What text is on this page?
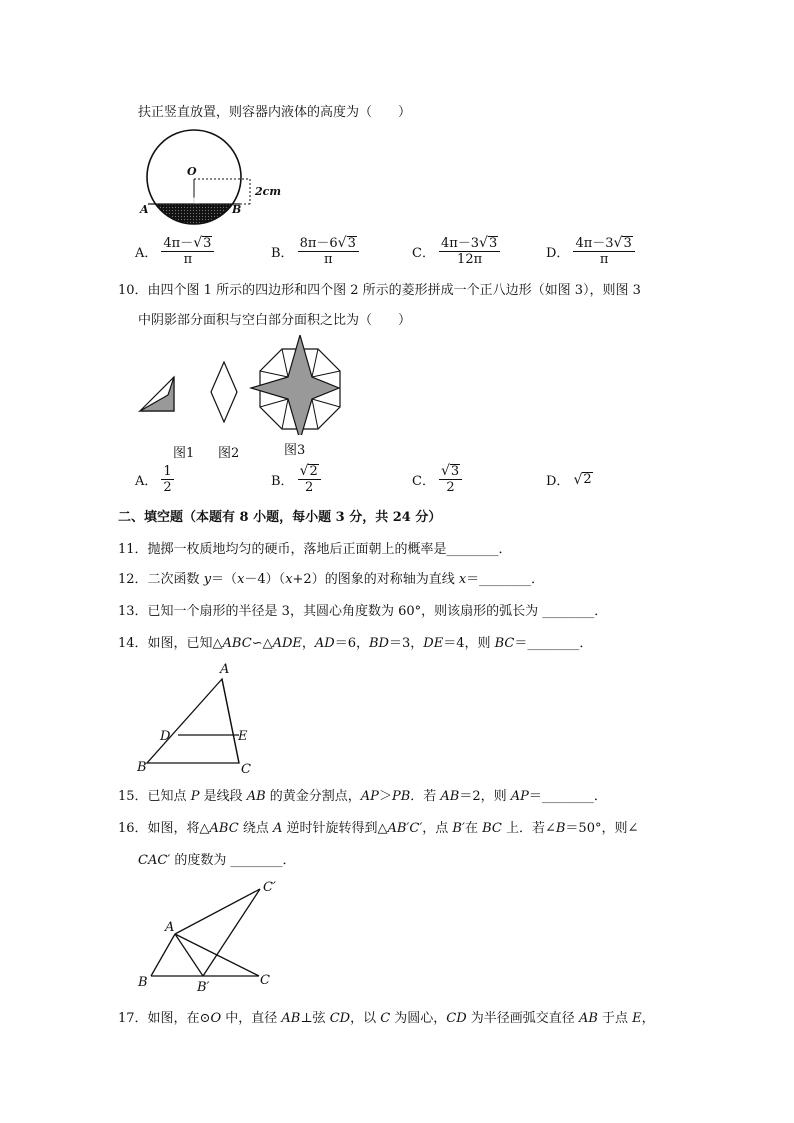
扶正竖直放置，则容器内液体的高度为（　　）
O
A	B
2cm
A． $\frac{4\pi- √ 3}{\pi}$	B． $\frac{8\pi-6 √ 3}{\pi}$	C． $\frac{4\pi-3 √ 3}{12\pi}$	D． $\frac{4\pi-3 √ 3}{\pi}$
10．由四个图 1 所示的四边形和四个图 2 所示的菱形拼成一个正八边形（如图 3），则图 3
中阴影部分面积与空白部分面积之比为（　　）
图1 图2	图3
A． $\frac{1}{2}$	B． $\frac{√ 2}{2}$	C． $\frac{√ 3}{2}$	D． √ 2
二、填空题（本题有 8 小题，每小题 3 分，共 24 分）
11．抛掷一枚质地均匀的硬币，落地后正面朝上的概率是________．
12．二次函数 y＝（x－4）（x+2）的图象的对称轴为直线 x＝________．
13．已知一个扇形的半径是 3，其圆心角度数为 60°，则该扇形的弧长为 ________．
14．如图，已知△ABC∽△ADE，AD＝6，BD＝3，DE＝4，则 BC＝________．
A
B	C
D	E
15．已知点 P 是线段 AB 的黄金分割点，AP＞PB．若 AB＝2，则 AP＝________．
16．如图，将△ABC 绕点 A 逆时针旋转得到△AB′C′，点 B′在 BC 上．若∠B＝50°，则∠
CAC′ 的度数为 ________．
A
B	C
B′
C′
17．如图，在⊙O 中，直径 AB⊥弦 CD，以 C 为圆心，CD 为半径画弧交直径 AB 于点 E，
